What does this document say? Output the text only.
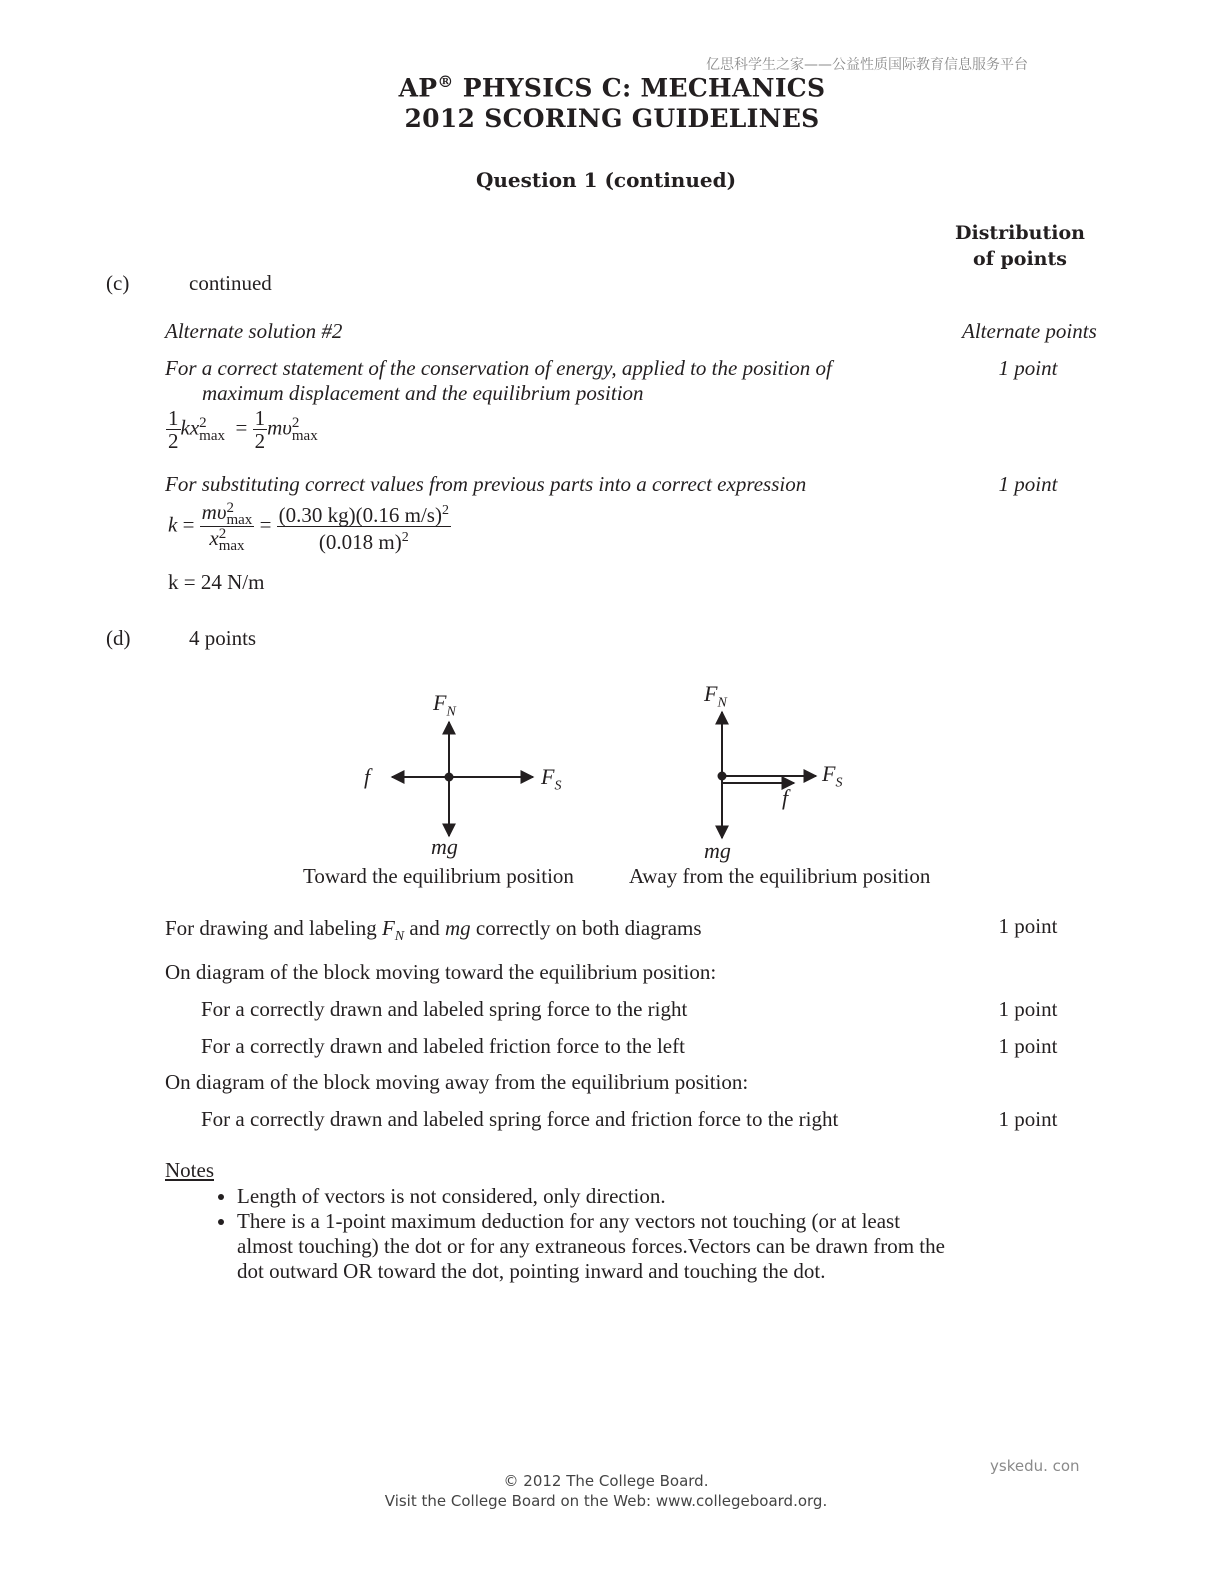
亿思科学生之家——公益性质国际教育信息服务平台
AP® PHYSICS C: MECHANICS
2012 SCORING GUIDELINES
Question 1 (continued)
Distribution
of points
(c)	continued
Alternate solution #2	Alternate points
For a correct statement of the conservation of energy, applied to the position of
maximum displacement and the equilibrium position
1 point
$\frac{1}{2}$ kx 2
$\max = \frac{1}{2}$ mυ 2
max
For substituting correct values from previous parts into a correct expression	1 point
k = mυ 2
max
x 2
$\max = \frac{(0.30 kg)(0.16 m/s)^2}{(0.018 m)^2}$
k = 24 N/m
(d)	4 points
$F_N$
f	$F_S$
mg
Toward the equilibrium position
$F_N$
$F_S$
f
mg
Away from the equilibrium position
For drawing and labeling $F_N$ and mg correctly on both diagrams	1 point
On diagram of the block moving toward the equilibrium position:
For a correctly drawn and labeled spring force to the right	1 point
For a correctly drawn and labeled friction force to the left	1 point
On diagram of the block moving away from the equilibrium position:
For a correctly drawn and labeled spring force and friction force to the right	1 point
Notes
• Length of vectors is not considered, only direction.
• There is a 1-point maximum deduction for any vectors not touching (or at least almost touching) the dot or for any extraneous forces.Vectors can be drawn from the dot outward OR toward the dot, pointing inward and touching the dot.
yskedu. con
© 2012 The College Board.
Visit the College Board on the Web: www.collegeboard.org.
